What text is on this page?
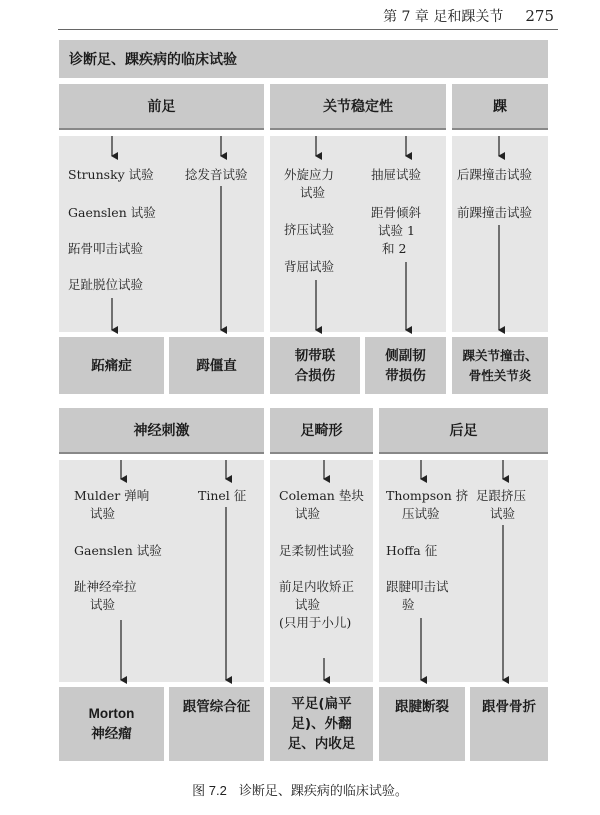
第 7 章 足和踝关节 275
诊断足、踝疾病的临床试验
前足	关节稳定性	踝
Strunsky 试验
Gaenslen 试验
跖骨叩击试验
足趾脱位试验
捻发音试验	外旋应力
试验
挤压试验
背屈试验
抽屉试验
距骨倾斜
试验 1
和 2
后踝撞击试验
前踝撞击试验
跖痛症	𧿹僵直
韧带联
合损伤
侧副韧
带损伤
踝关节撞击、
骨性关节炎
神经刺激	足畸形	后足
Mulder 弹响
试验
Gaenslen 试验
趾神经牵拉
试验
Tinel 征	Coleman 垫块
试验
足柔韧性试验
前足内收矫正
试验
(只用于小儿)
Thompson 挤
压试验
Hoffa 征
跟腱叩击试
验
足跟挤压
试验
Morton
神经瘤
跟管综合征	平足(扁平
足)、外翻
足、内收足
跟腱断裂 跟骨骨折
图 7.2 诊断足、踝疾病的临床试验。
